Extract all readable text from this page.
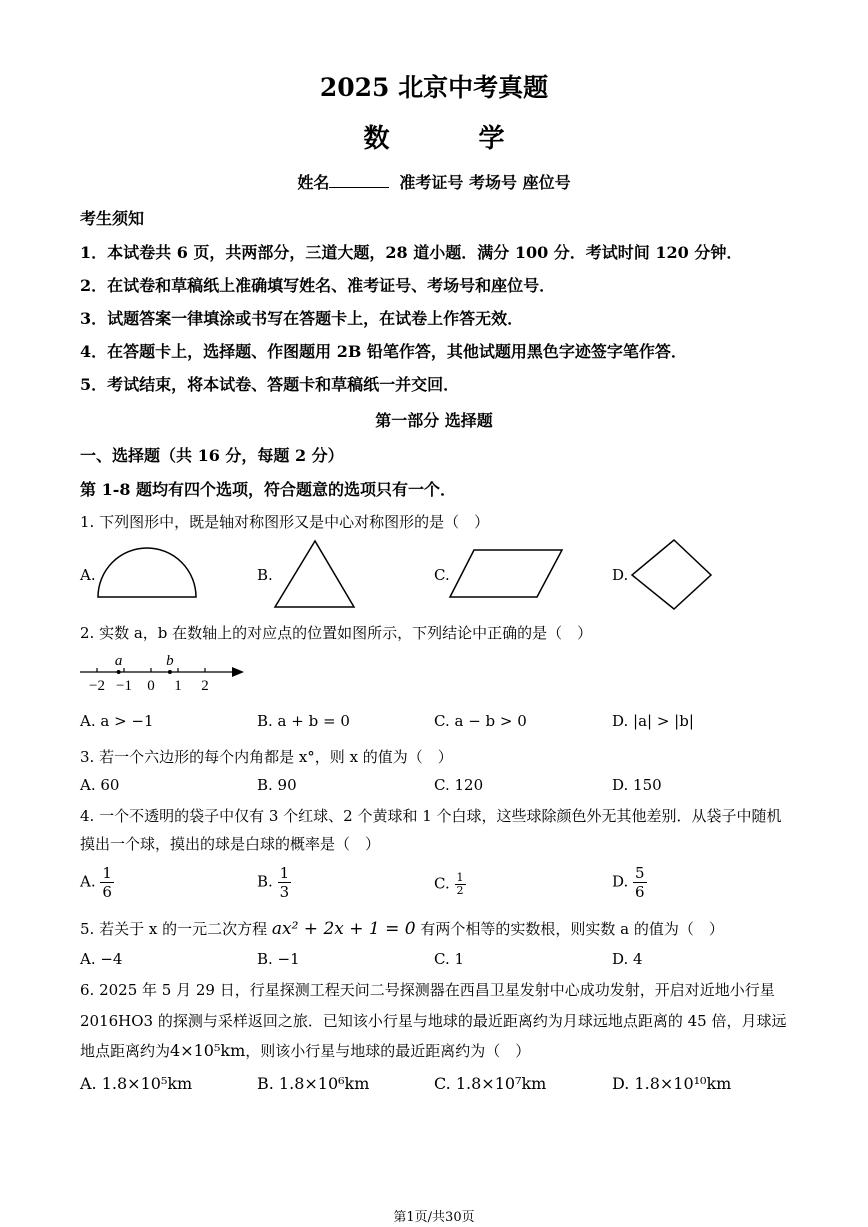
2025 北京中考真题
数 学
姓名	准考证号 考场号 座位号
考生须知
1．本试卷共 6 页，共两部分，三道大题，28 道小题．满分 100 分．考试时间 120 分钟．
2．在试卷和草稿纸上准确填写姓名、准考证号、考场号和座位号．
3．试题答案一律填涂或书写在答题卡上，在试卷上作答无效．
4．在答题卡上，选择题、作图题用 2B 铅笔作答，其他试题用黑色字迹签字笔作答．
5．考试结束，将本试卷、答题卡和草稿纸一并交回．
第一部分 选择题
一、选择题（共 16 分，每题 2 分）
第 1-8 题均有四个选项，符合题意的选项只有一个．
1. 下列图形中，既是轴对称图形又是中心对称图形的是（　）
A.	B.	C.	D.
2. 实数 a，b 在数轴上的对应点的位置如图所示，下列结论中正确的是（　）
−2 −1 0 1 2
a	b
A. a > −1	B. a + b = 0	C. a − b > 0	D. |a| > |b|
3. 若一个六边形的每个内角都是 x°，则 x 的值为（　）
A. 60	B. 90	C. 120	D. 150
4. 一个不透明的袋子中仅有 3 个红球、2 个黄球和 1 个白球，这些球除颜色外无其他差别．从袋子中随机
摸出一个球，摸出的球是白球的概率是（　）
A. $\frac{1}{6}$	B. $\frac{1}{3}$	C. $\frac{1}{2}$	D. $\frac{5}{6}$
5. 若关于 x 的一元二次方程 ax² + 2x + 1 = 0 有两个相等的实数根，则实数 a 的值为（　）
A. −4	B. −1	C. 1	D. 4
6. 2025 年 5 月 29 日，行星探测工程天问二号探测器在西昌卫星发射中心成功发射，开启对近地小行星
2016HO3 的探测与采样返回之旅．已知该小行星与地球的最近距离约为月球远地点距离的 45 倍，月球远
地点距离约为4×10⁵km，则该小行星与地球的最近距离约为（　）
A. 1.8×10⁵km	B. 1.8×10⁶km	C. 1.8×10⁷km	D. 1.8×10¹⁰km
第1页/共30页
